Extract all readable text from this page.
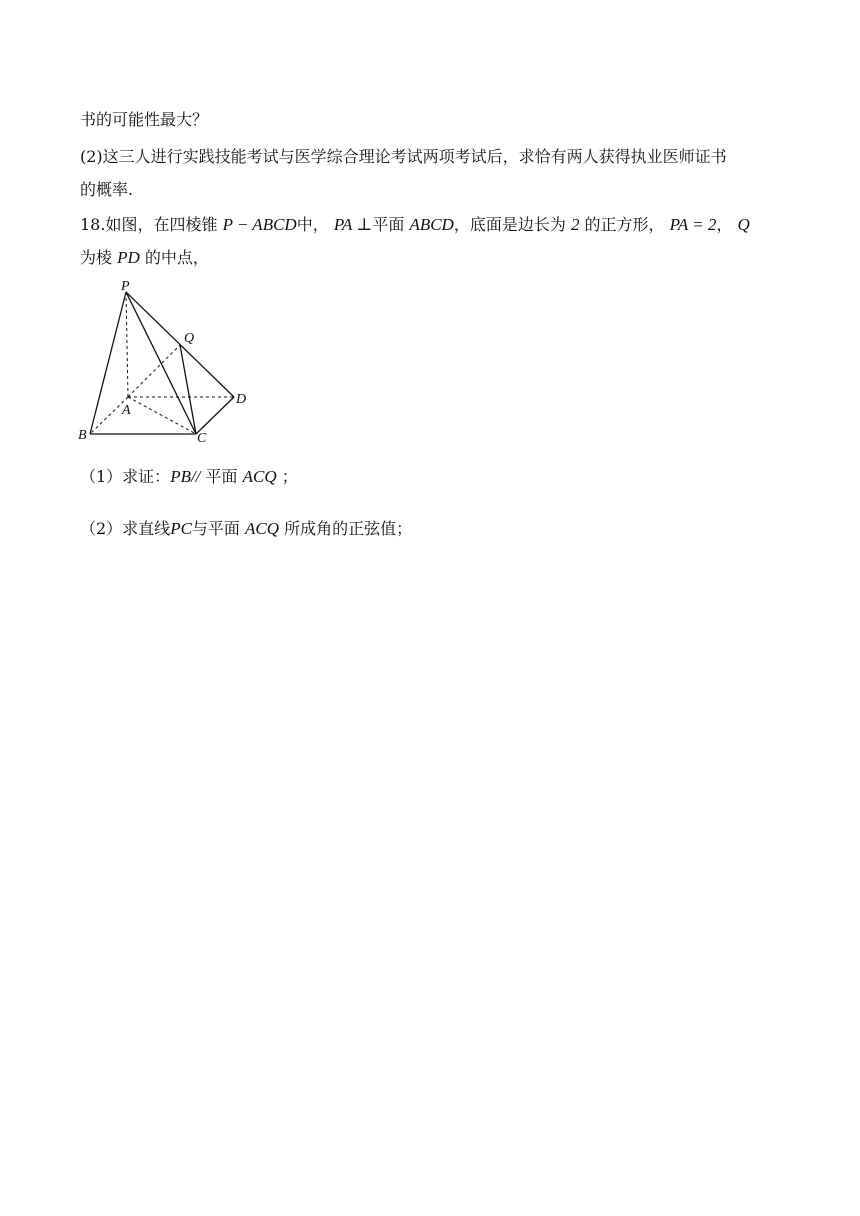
书的可能性最大？
(2)这三人进行实践技能考试与医学综合理论考试两项考试后，求恰有两人获得执业医师证书
的概率.
18.如图，在四棱锥 P − ABCD中， PA ⊥平面 ABCD，底面是边长为 2 的正方形， PA = 2， Q
为棱 PD 的中点，
P
Q
A
B	C
D
（1）求证：PB// 平面 ACQ ；
（2）求直线PC与平面 ACQ 所成角的正弦值；
